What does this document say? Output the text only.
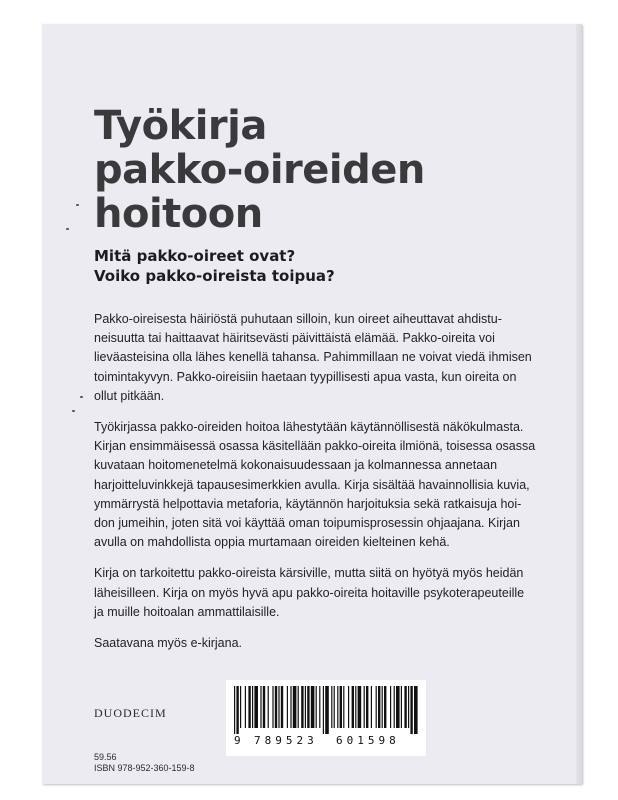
Työkirja
pakko-oireiden
hoitoon
Mitä pakko-oireet ovat?
Voiko pakko-oireista toipua?

Pakko-oireisesta häiriöstä puhutaan silloin, kun oireet aiheuttavat ahdistu-
neisuutta tai haittaavat häiritsevästi päivittäistä elämää. Pakko-oireita voi
lieväasteisina olla lähes kenellä tahansa. Pahimmillaan ne voivat viedä ihmisen
toimintakyvyn. Pakko-oireisiin haetaan tyypillisesti apua vasta, kun oireita on
ollut pitkään.

Työkirjassa pakko-oireiden hoitoa lähestytään käytännöllisestä näkökulmasta.
Kirjan ensimmäisessä osassa käsitellään pakko-oireita ilmiönä, toisessa osassa
kuvataan hoitomenetelmä kokonaisuudessaan ja kolmannessa annetaan
harjoitteluvinkkejä tapausesimerkkien avulla. Kirja sisältää havainnollisia kuvia,
ymmärrystä helpottavia metaforia, käytännön harjoituksia sekä ratkaisuja hoi-
don jumeihin, joten sitä voi käyttää oman toipumisprosessin ohjaajana. Kirjan
avulla on mahdollista oppia murtamaan oireiden kielteinen kehä.

Kirja on tarkoitettu pakko-oireista kärsiville, mutta siitä on hyötyä myös heidän
läheisilleen. Kirja on myös hyvä apu pakko-oireita hoitaville psykoterapeuteille
ja muille hoitoalan ammattilaisille.

Saatavana myös e-kirjana.

DUODECIM
59.56
ISBN 978-952-360-159-8
9 789523 601598
